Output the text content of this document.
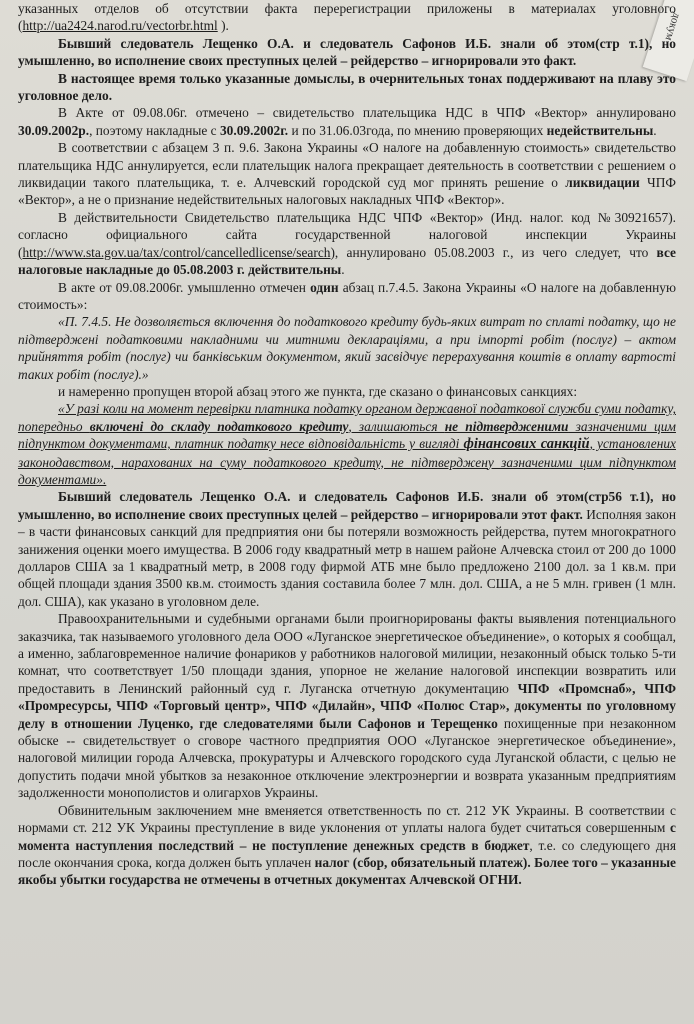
докум

указанных отделов об отсутствии факта перерегистрации приложены в материалах уголовного (http://ua2424.narod.ru/vectorbr.html ).

Бывший следователь Лещенко О.А. и следователь Сафонов И.Б. знали об этом(стр т.1), но умышленно, во исполнение своих преступных целей – рейдерство – игнорировали это факт.

В настоящее время только указанные домыслы, в очернительных тонах поддерживают на плаву это уголовное дело.

В Акте от 09.08.06г. отмечено – свидетельство плательщика НДС в ЧПФ «Вектор» аннулировано 30.09.2002р., поэтому накладные с 30.09.2002г. и по 31.06.03года, по мнению проверяющих недействительны.

В соответствии с абзацем 3 п. 9.6. Закона Украины «О налоге на добавленную стоимость» свидетельство плательщика НДС аннулируется, если плательщик налога прекращает деятельность в соответствии с решением о ликвидации такого плательщика, т. е. Алчевский городской суд мог принять решение о ликвидации ЧПФ «Вектор», а не о признание недействительных налоговых накладных ЧПФ «Вектор».

В действительности Свидетельство плательщика НДС ЧПФ «Вектор» (Инд. налог. код №30921657). согласно официального сайта государственной налоговой инспекции Украины (http://www.sta.gov.ua/tax/control/cancelledlicense/search), аннулировано 05.08.2003 г., из чего следует, что все налоговые накладные до 05.08.2003 г. действительны.

В акте от 09.08.2006г. умышленно отмечен один абзац п.7.4.5. Закона Украины «О налоге на добавленную стоимость»:

«П. 7.4.5. Не дозволяється включення до податкового кредиту будь-яких витрат по сплаті податку, що не підтверджені податковими накладними чи митними деклараціями, а при імпорті робіт (послуг) – актом прийняття робіт (послуг) чи банківським документом, який засвідчує перерахування коштів в оплату вартості таких робіт (послуг).»

и намеренно пропущен второй абзац этого же пункта, где сказано о финансовых санкциях:

«У разі коли на момент перевірки платника податку органом державної податкової служби суми податку, попередньо включені до складу податкового кредиту, залишаються не підтвердженими зазначеними цим підпунктом документами, платник податку несе відповідальність у вигляді фінансових санкцій, установлених законодавством, нарахованих на суму податкового кредиту, не підтверджену зазначеними цим підпунктом документами».

Бывший следователь Лещенко О.А. и следователь Сафонов И.Б. знали об этом(стр56 т.1), но умышленно, во исполнение своих преступных целей – рейдерство – игнорировали этот факт. Исполняя закон – в части финансовых санкций для предприятия они бы потеряли возможность рейдерства, путем многократного занижения оценки моего имущества. В 2006 году квадратный метр в нашем районе Алчевска стоил от 200 до 1000 долларов США за 1 квадратный метр, в 2008 году фирмой АТБ мне было предложено 2100 дол. за 1 кв.м. при общей площади здания 3500 кв.м. стоимость здания составила более 7 млн. дол. США, а не 5 млн. гривен (1 млн. дол. США), как указано в уголовном деле.

Правоохранительными и судебными органами были проигнорированы факты выявления потенциального заказчика, так называемого уголовного дела ООО «Луганское энергетическое объединение», о которых я сообщал, а именно, заблаговременное наличие фонариков у работников налоговой милиции, незаконный обыск только 5-ти комнат, что соответствует 1/50 площади здания, упорное не желание налоговой инспекции возвратить или предоставить в Ленинский районный суд г. Луганска отчетную документацию ЧПФ «Промснаб», ЧПФ «Промресурсы, ЧПФ «Торговый центр», ЧПФ «Дилайн», ЧПФ «Полюс Стар», документы по уголовному делу в отношении Луценко, где следователями были Сафонов и Терещенко похищенные при незаконном обыске -- свидетельствует о сговоре частного предприятия ООО «Луганское энергетическое объединение», налоговой милиции города Алчевска, прокуратуры и Алчевского городского суда Луганской области, с целью не допустить подачи мной убытков за незаконное отключение электроэнергии и возврата указанным предприятиям задолженности монополистов и олигархов Украины.

Обвинительным заключением мне вменяется ответственность по ст. 212 УК Украины. В соответствии с нормами ст. 212 УК Украины преступление в виде уклонения от уплаты налога будет считаться совершенным с момента наступления последствий – не поступление денежных средств в бюджет, т.е. со следующего дня после окончания срока, когда должен быть уплачен налог (сбор, обязательный платеж). Более того – указанные якобы убытки государства не отмечены в отчетных документах Алчевской ОГНИ.
